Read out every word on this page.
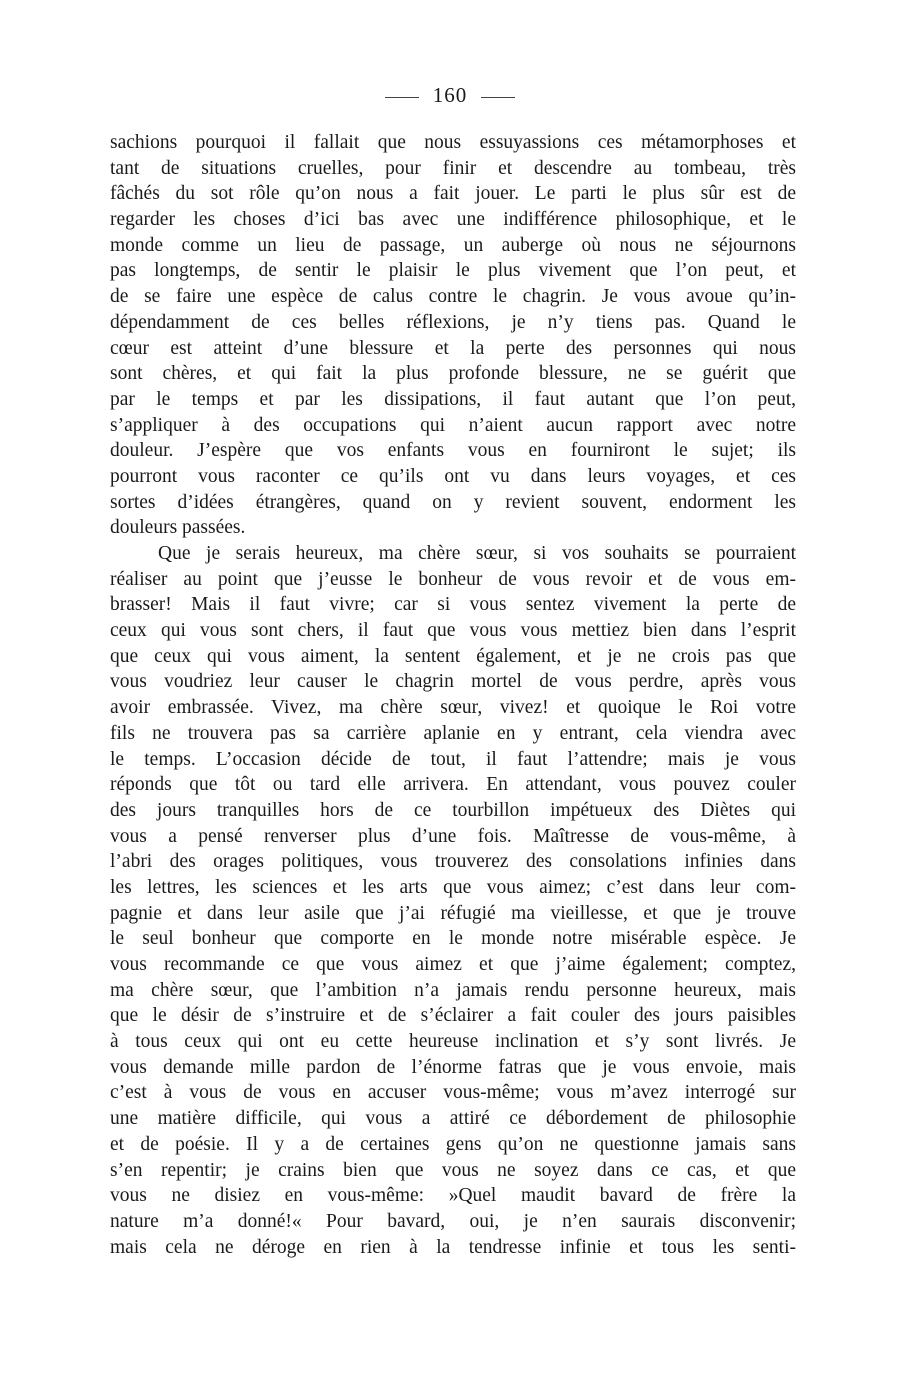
160
sachions pourquoi il fallait que nous essuyassions ces métamorphoses et
tant de situations cruelles, pour finir et descendre au tombeau, très
fâchés du sot rôle qu’on nous a fait jouer. Le parti le plus sûr est de
regarder les choses d’ici bas avec une indifférence philosophique, et le
monde comme un lieu de passage, un auberge où nous ne séjournons
pas longtemps, de sentir le plaisir le plus vivement que l’on peut, et
de se faire une espèce de calus contre le chagrin. Je vous avoue qu’in-
dépendamment de ces belles réflexions, je n’y tiens pas. Quand le
cœur est atteint d’une blessure et la perte des personnes qui nous
sont chères, et qui fait la plus profonde blessure, ne se guérit que
par le temps et par les dissipations, il faut autant que l’on peut,
s’appliquer à des occupations qui n’aient aucun rapport avec notre
douleur. J’espère que vos enfants vous en fourniront le sujet; ils
pourront vous raconter ce qu’ils ont vu dans leurs voyages, et ces
sortes d’idées étrangères, quand on y revient souvent, endorment les
douleurs passées.
Que je serais heureux, ma chère sœur, si vos souhaits se pourraient
réaliser au point que j’eusse le bonheur de vous revoir et de vous em-
brasser! Mais il faut vivre; car si vous sentez vivement la perte de
ceux qui vous sont chers, il faut que vous vous mettiez bien dans l’esprit
que ceux qui vous aiment, la sentent également, et je ne crois pas que
vous voudriez leur causer le chagrin mortel de vous perdre, après vous
avoir embrassée. Vivez, ma chère sœur, vivez! et quoique le Roi votre
fils ne trouvera pas sa carrière aplanie en y entrant, cela viendra avec
le temps. L’occasion décide de tout, il faut l’attendre; mais je vous
réponds que tôt ou tard elle arrivera. En attendant, vous pouvez couler
des jours tranquilles hors de ce tourbillon impétueux des Diètes qui
vous a pensé renverser plus d’une fois. Maîtresse de vous-même, à
l’abri des orages politiques, vous trouverez des consolations infinies dans
les lettres, les sciences et les arts que vous aimez; c’est dans leur com-
pagnie et dans leur asile que j’ai réfugié ma vieillesse, et que je trouve
le seul bonheur que comporte en le monde notre misérable espèce. Je
vous recommande ce que vous aimez et que j’aime également; comptez,
ma chère sœur, que l’ambition n’a jamais rendu personne heureux, mais
que le désir de s’instruire et de s’éclairer a fait couler des jours paisibles
à tous ceux qui ont eu cette heureuse inclination et s’y sont livrés. Je
vous demande mille pardon de l’énorme fatras que je vous envoie, mais
c’est à vous de vous en accuser vous-même; vous m’avez interrogé sur
une matière difficile, qui vous a attiré ce débordement de philosophie
et de poésie. Il y a de certaines gens qu’on ne questionne jamais sans
s’en repentir; je crains bien que vous ne soyez dans ce cas, et que
vous ne disiez en vous-même: »Quel maudit bavard de frère la
nature m’a donné!« Pour bavard, oui, je n’en saurais disconvenir;
mais cela ne déroge en rien à la tendresse infinie et tous les senti-
